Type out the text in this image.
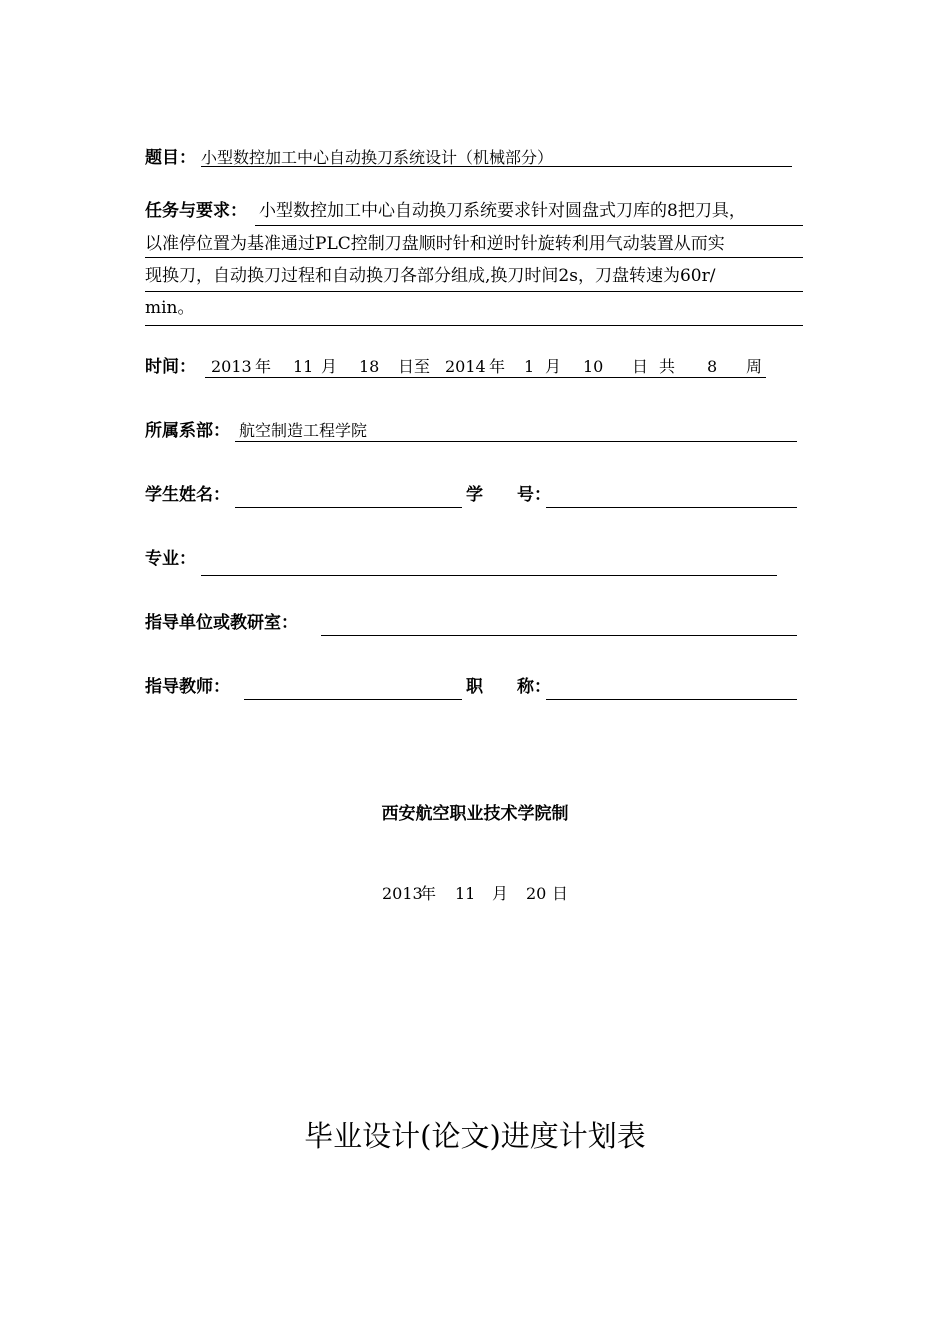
题目： 小型数控加工中心自动换刀系统设计（机械部分）
任务与要求： 小型数控加工中心自动换刀系统要求针对圆盘式刀库的8把刀具，
以准停位置为基准通过PLC控制刀盘顺时针和逆时针旋转利用气动装置从而实
现换刀，自动换刀过程和自动换刀各部分组成,换刀时间2s，刀盘转速为60r/
min。
时间： 2013 年 11 月 18 日至 2014 年 1 月 10 日 共 8 周
所属系部： 航空制造工程学院
学生姓名：	学　　号：
专业：
指导单位或教研室：
指导教师：	职　　称：
西安航空职业技术学院制
2013
年 11 月 20 日
毕业设计(论文)进度计划表
